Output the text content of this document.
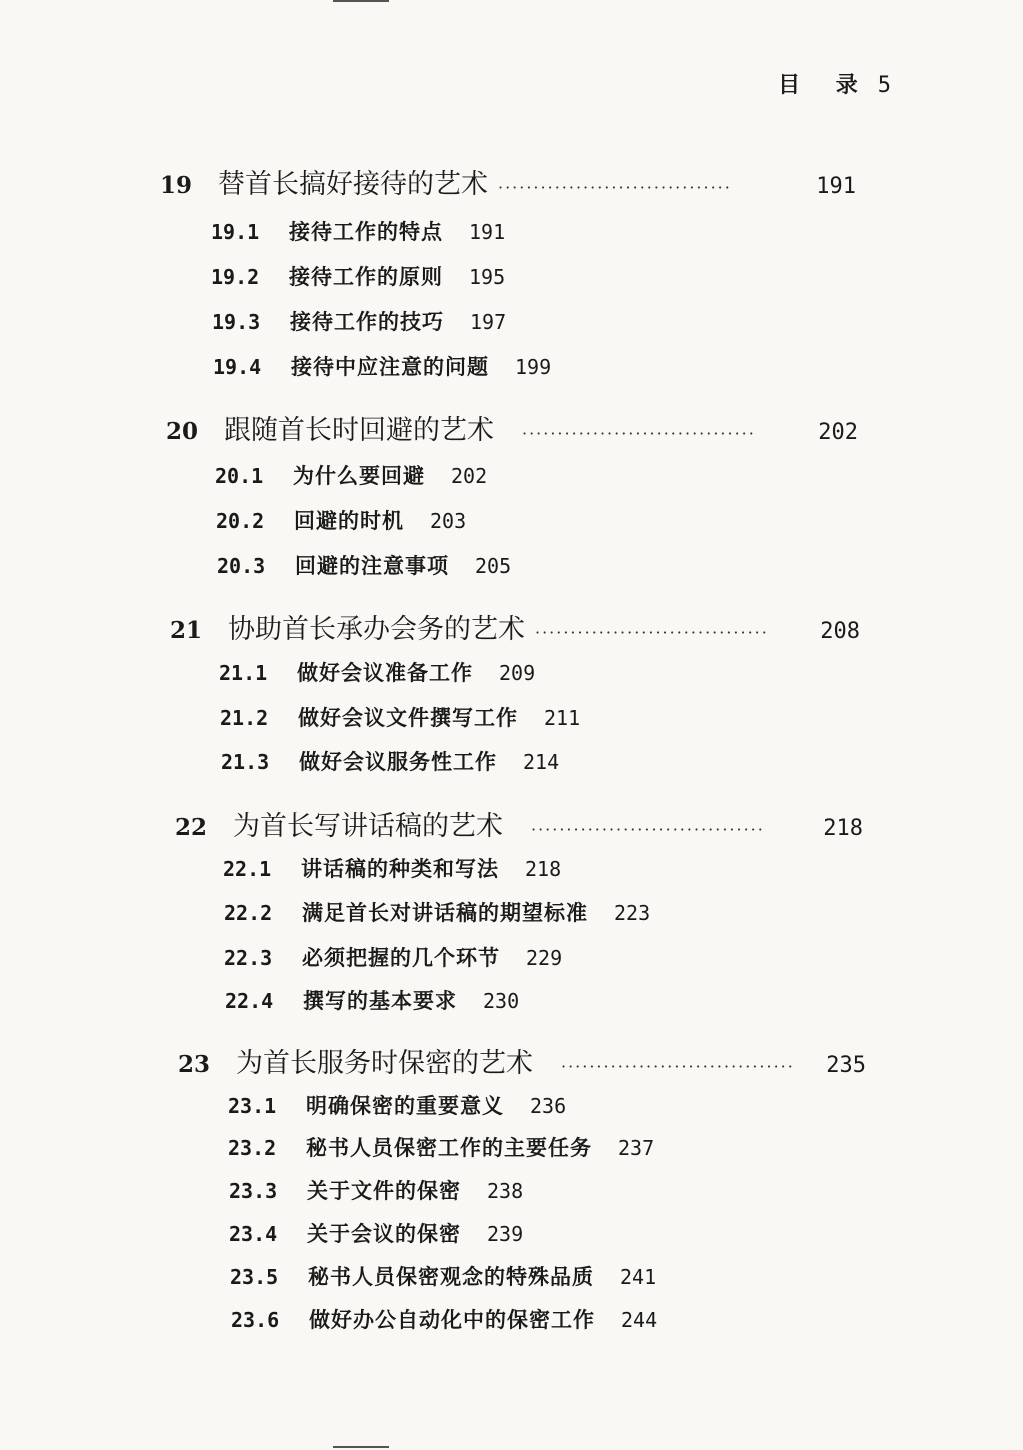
目 录 5
19 替首长搞好接待的艺术 ·································	191
19.1	接待工作的特点 191
19.2	接待工作的原则 195
19.3	接待工作的技巧 197
19.4	接待中应注意的问题 199
20 跟随首长时回避的艺术 ·································	202
20.1	为什么要回避 202
20.2	回避的时机 203
20.3	回避的注意事项 205
21 协助首长承办会务的艺术 ·································	208
21.1	做好会议准备工作 209
21.2	做好会议文件撰写工作 211
21.3	做好会议服务性工作 214
22 为首长写讲话稿的艺术 ·································	218
22.1	讲话稿的种类和写法 218
22.2	满足首长对讲话稿的期望标准 223
22.3	必须把握的几个环节 229
22.4	撰写的基本要求 230
23 为首长服务时保密的艺术 ·································	235
23.1	明确保密的重要意义 236
23.2	秘书人员保密工作的主要任务 237
23.3	关于文件的保密 238
23.4	关于会议的保密 239
23.5	秘书人员保密观念的特殊品质 241
23.6	做好办公自动化中的保密工作 244
